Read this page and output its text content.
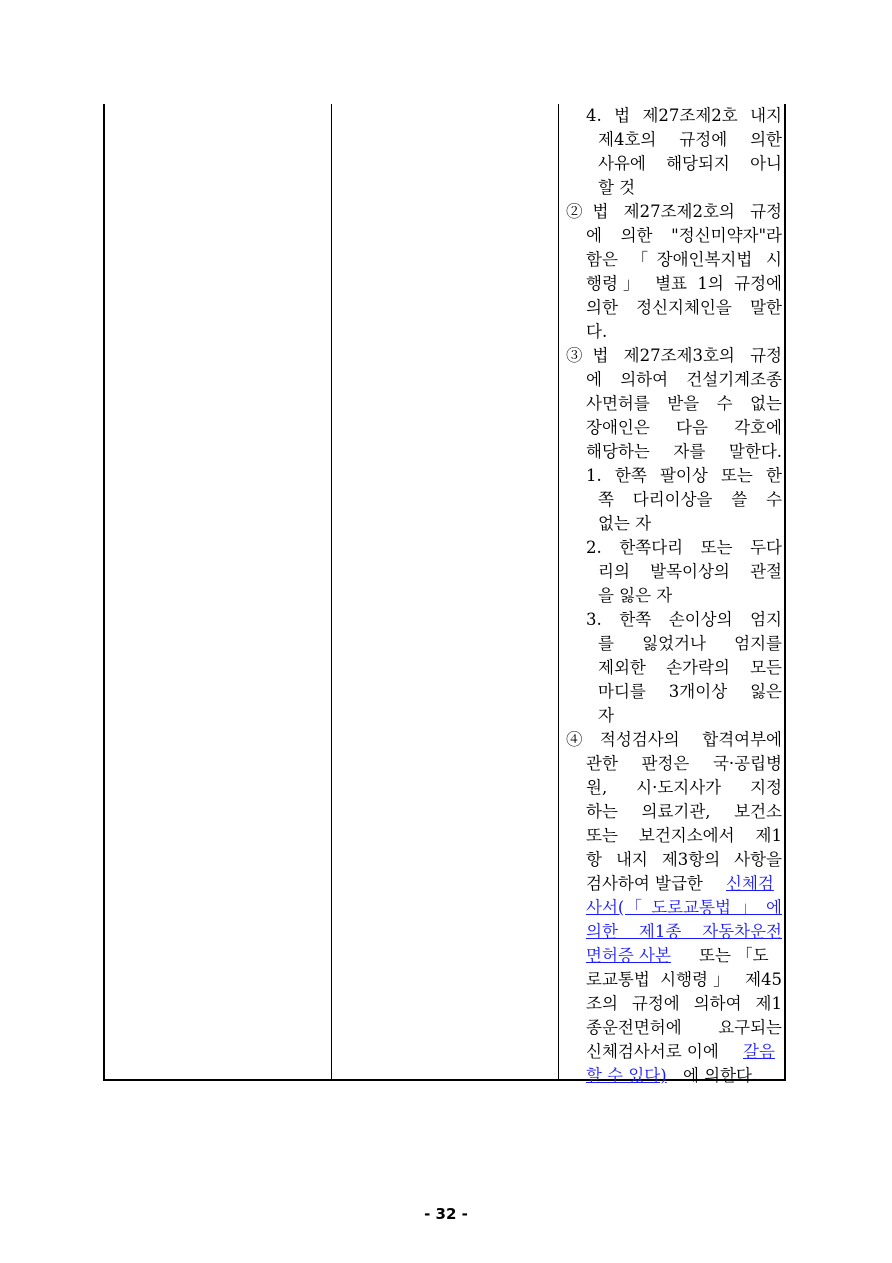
4. 법 제27조제2호 내지
제4호의 규정에 의한
사유에 해당되지 아니
할 것
②법 제27조제2호의 규정
에 의한 "정신미약자"라
함은 「장애인복지법 시
행령」 별표 1의 규정에
의한 정신지체인을 말한
다.
③법 제27조제3호의 규정
에 의하여 건설기계조종
사면허를 받을 수 없는
장애인은 다음 각호에
해당하는 자를 말한다.
1. 한쪽 팔이상 또는 한
쪽 다리이상을 쓸 수
없는 자
2. 한쪽다리 또는 두다
리의 발목이상의 관절
을 잃은 자
3. 한쪽 손이상의 엄지
를 잃었거나 엄지를
제외한 손가락의 모든
마디를 3개이상 잃은
자
④적성검사의 합격여부에
관한 판정은 국·공립병
원, 시·도지사가 지정
하는 의료기관, 보건소
또는 보건지소에서 제1
항 내지 제3항의 사항을
검사하여 발급한 신체검
사서(「도로교통법」에
의한 제1종 자동차운전
면허증 사본 또는 「도
로교통법 시행령」 제45
조의 규정에 의하여 제1
종운전면허에 요구되는
신체검사서로 이에 갈음
할 수 있다) 에 의한다.
- 32 -
